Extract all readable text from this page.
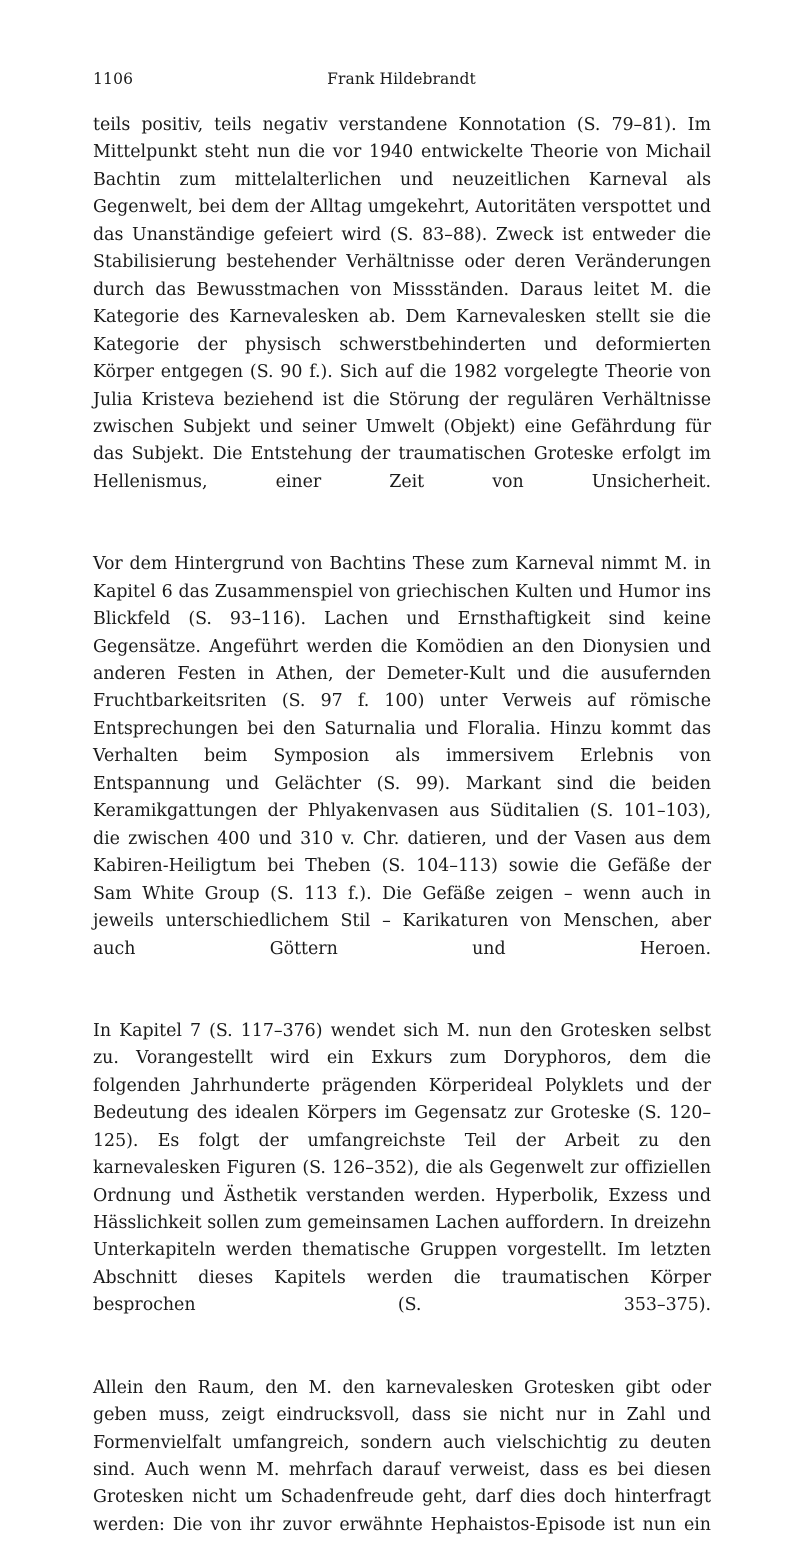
1106	Frank Hildebrandt

teils positiv, teils negativ verstandene Konnotation (S. 79–81). Im Mittelpunkt steht nun die vor 1940 entwickelte Theorie von Michail Bachtin zum mittelalterlichen und neuzeitlichen Karneval als Gegenwelt, bei dem der Alltag umgekehrt, Autoritäten verspottet und das Unanständige gefeiert wird (S. 83–88). Zweck ist entweder die Stabilisierung bestehender Verhältnisse oder deren Veränderungen durch das Bewusstmachen von Missständen. Daraus leitet M. die Kategorie des Karnevalesken ab. Dem Karnevalesken stellt sie die Kategorie der physisch schwerstbehinderten und deformierten Körper entgegen (S. 90 f.). Sich auf die 1982 vorgelegte Theorie von Julia Kristeva beziehend ist die Störung der regulären Verhältnisse zwischen Subjekt und seiner Umwelt (Objekt) eine Gefährdung für das Subjekt. Die Entstehung der traumatischen Groteske erfolgt im Hellenismus, einer Zeit von Unsicherheit.

Vor dem Hintergrund von Bachtins These zum Karneval nimmt M. in Kapitel 6 das Zusammenspiel von griechischen Kulten und Humor ins Blickfeld (S. 93–116). Lachen und Ernsthaftigkeit sind keine Gegensätze. Angeführt werden die Komödien an den Dionysien und anderen Festen in Athen, der Demeter-Kult und die ausufernden Fruchtbarkeitsriten (S. 97 f. 100) unter Verweis auf römische Entsprechungen bei den Saturnalia und Floralia. Hinzu kommt das Verhalten beim Symposion als immersivem Erlebnis von Entspannung und Gelächter (S. 99). Markant sind die beiden Keramikgattungen der Phlyakenvasen aus Süditalien (S. 101–103), die zwischen 400 und 310 v. Chr. datieren, und der Vasen aus dem Kabiren-Heiligtum bei Theben (S. 104–113) sowie die Gefäße der Sam White Group (S. 113 f.). Die Gefäße zeigen – wenn auch in jeweils unterschiedlichem Stil – Karikaturen von Menschen, aber auch Göttern und Heroen.

In Kapitel 7 (S. 117–376) wendet sich M. nun den Grotesken selbst zu. Vorangestellt wird ein Exkurs zum Doryphoros, dem die folgenden Jahrhunderte prägenden Körperideal Polyklets und der Bedeutung des idealen Körpers im Gegensatz zur Groteske (S. 120–125). Es folgt der umfangreichste Teil der Arbeit zu den karnevalesken Figuren (S. 126–352), die als Gegenwelt zur offiziellen Ordnung und Ästhetik verstanden werden. Hyperbolik, Exzess und Hässlichkeit sollen zum gemeinsamen Lachen auffordern. In dreizehn Unterkapiteln werden thematische Gruppen vorgestellt. Im letzten Abschnitt dieses Kapitels werden die traumatischen Körper besprochen (S. 353–375).

Allein den Raum, den M. den karnevalesken Grotesken gibt oder geben muss, zeigt eindrucksvoll, dass sie nicht nur in Zahl und Formenvielfalt umfangreich, sondern auch vielschichtig zu deuten sind. Auch wenn M. mehrfach darauf verweist, dass es bei diesen Grotesken nicht um Schadenfreude geht, darf dies doch hinterfragt werden: Die von ihr zuvor erwähnte Hephaistos-Episode ist nun ein
